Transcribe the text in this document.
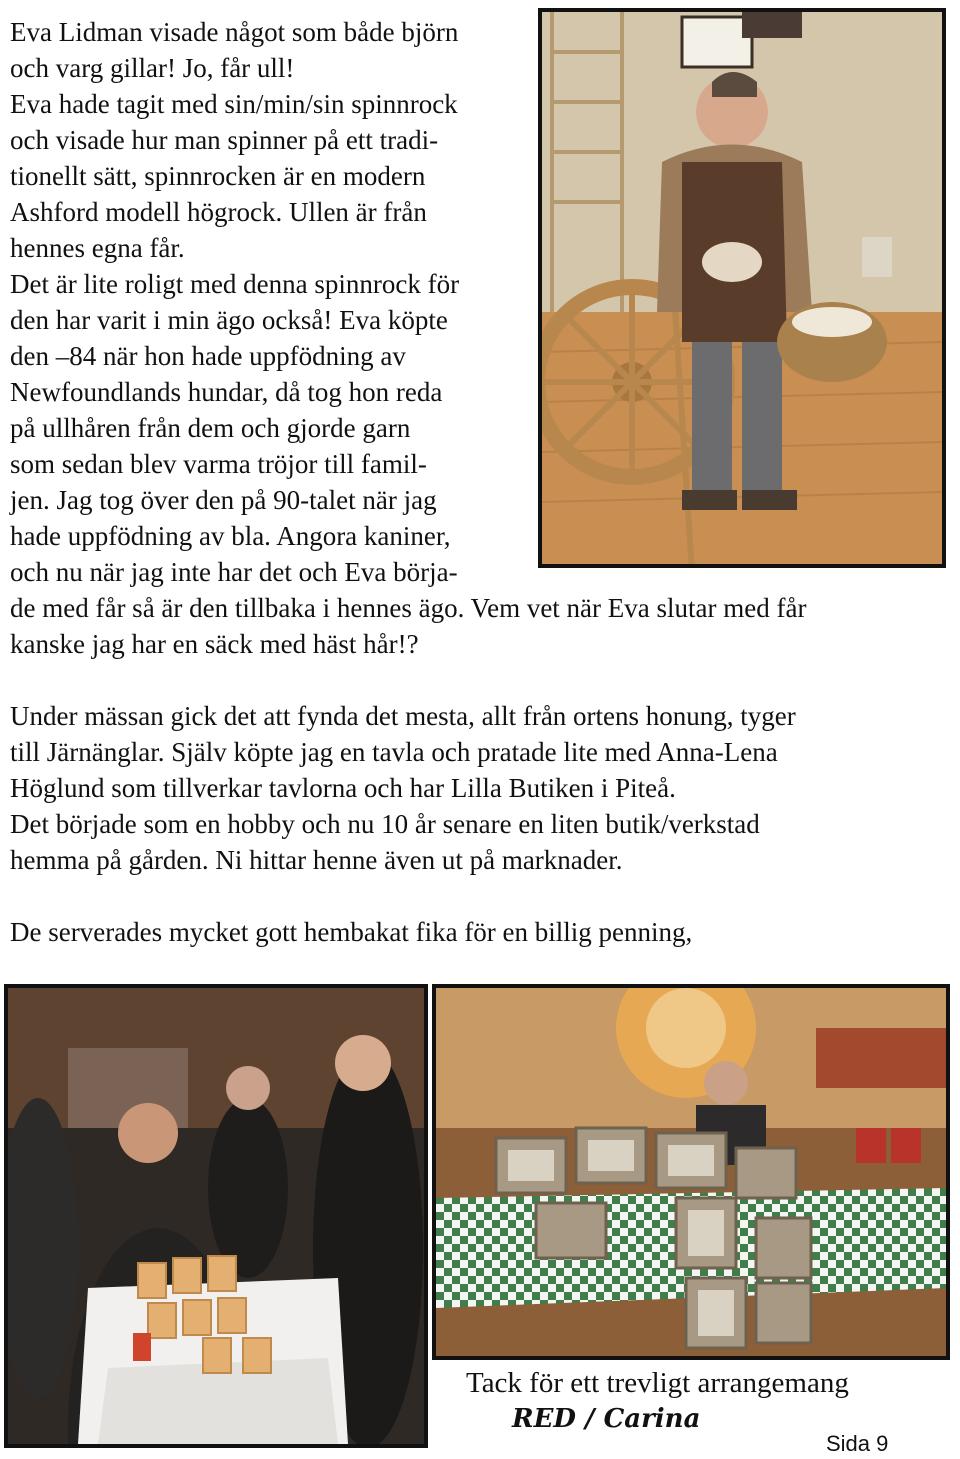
Eva Lidman visade något som både björn
och varg gillar! Jo, får ull!
Eva hade tagit med sin/min/sin spinnrock
och visade hur man spinner på ett tradi-
tionellt sätt, spinnrocken är en modern
Ashford modell högrock. Ullen är från
hennes egna får.
Det är lite roligt med denna spinnrock för
den har varit i min ägo också! Eva köpte
den –84 när hon hade uppfödning av
Newfoundlands hundar, då tog hon reda
på ullhåren från dem och gjorde garn
som sedan blev varma tröjor till famil-
jen. Jag tog över den på 90-talet när jag
hade uppfödning av bla. Angora kaniner,
och nu när jag inte har det och Eva börja-
de med får så är den tillbaka i hennes ägo. Vem vet när Eva slutar med får
kanske jag har en säck med häst hår!?
Under mässan gick det att fynda det mesta, allt från ortens honung, tyger
till Järnänglar. Själv köpte jag en tavla och pratade lite med Anna-Lena
Höglund som tillverkar tavlorna och har Lilla Butiken i Piteå.
Det började som en hobby och nu 10 år senare en liten butik/verkstad
hemma på gården. Ni hittar henne även ut på marknader.
De serverades mycket gott hembakat fika för en billig penning,
Tack för ett trevligt arrangemang
RED / Carina
Sida 9
